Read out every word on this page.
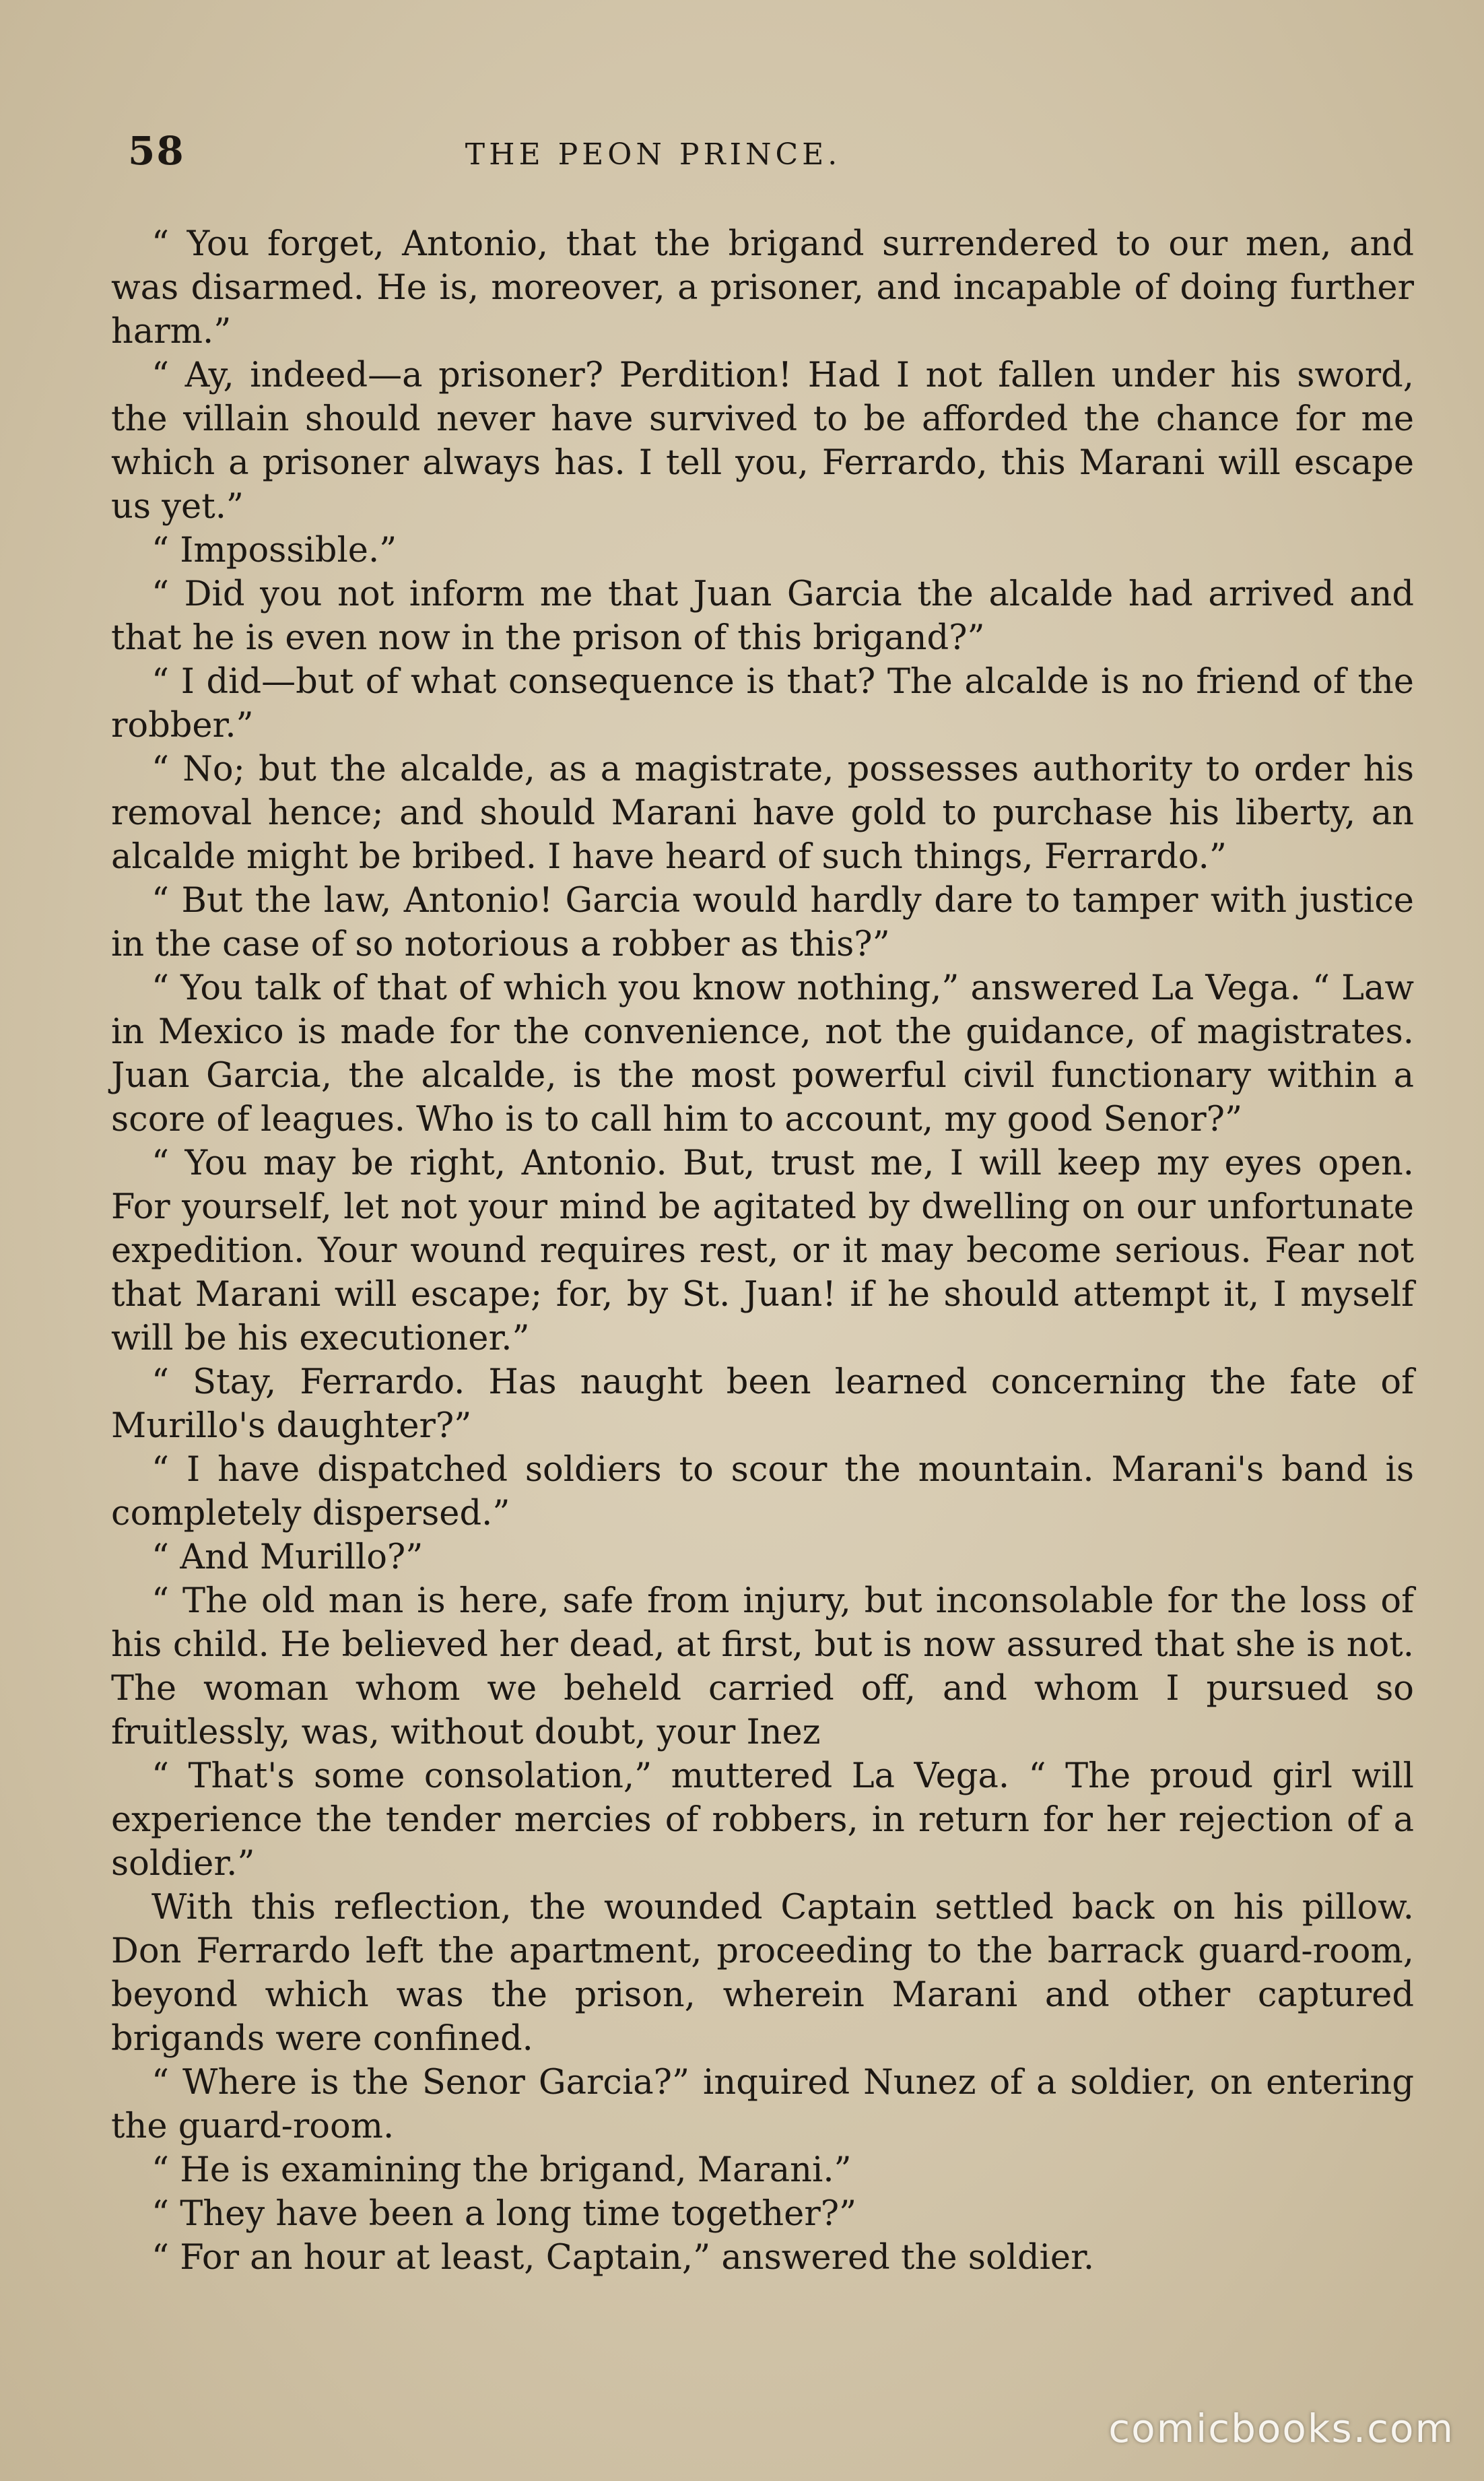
58	THE PEON PRINCE.

“ You forget, Antonio, that the brigand surrendered to our men, and was disarmed. He is, moreover, a prisoner, and incapable of doing further harm.”

“ Ay, indeed—a prisoner? Perdition! Had I not fallen under his sword, the villain should never have survived to be afforded the chance for me which a prisoner always has. I tell you, Ferrardo, this Marani will escape us yet.”

“ Impossible.”

“ Did you not inform me that Juan Garcia the alcalde had arrived and that he is even now in the prison of this brigand?”

“ I did—but of what consequence is that? The alcalde is no friend of the robber.”

“ No; but the alcalde, as a magistrate, possesses authority to order his removal hence; and should Marani have gold to purchase his liberty, an alcalde might be bribed. I have heard of such things, Ferrardo.”

“ But the law, Antonio! Garcia would hardly dare to tamper with justice in the case of so notorious a robber as this?”

“ You talk of that of which you know nothing,” answered La Vega. “ Law in Mexico is made for the convenience, not the guidance, of magistrates. Juan Garcia, the alcalde, is the most powerful civil functionary within a score of leagues. Who is to call him to account, my good Senor?”

“ You may be right, Antonio. But, trust me, I will keep my eyes open. For yourself, let not your mind be agitated by dwelling on our unfortunate expedition. Your wound requires rest, or it may become serious. Fear not that Marani will escape; for, by St. Juan! if he should attempt it, I myself will be his executioner.”

“ Stay, Ferrardo. Has naught been learned concerning the fate of Murillo's daughter?”

“ I have dispatched soldiers to scour the mountain. Marani's band is completely dispersed.”

“ And Murillo?”

“ The old man is here, safe from injury, but inconsolable for the loss of his child. He believed her dead, at first, but is now assured that she is not. The woman whom we beheld carried off, and whom I pursued so fruitlessly, was, without doubt, your Inez

“ That's some consolation,” muttered La Vega. “ The proud girl will experience the tender mercies of robbers, in return for her rejection of a soldier.”

With this reflection, the wounded Captain settled back on his pillow. Don Ferrardo left the apartment, proceeding to the barrack guard-room, beyond which was the prison, wherein Marani and other captured brigands were confined.

“ Where is the Senor Garcia?” inquired Nunez of a soldier, on entering the guard-room.

“ He is examining the brigand, Marani.”

“ They have been a long time together?”

“ For an hour at least, Captain,” answered the soldier.

comicbooks.com
